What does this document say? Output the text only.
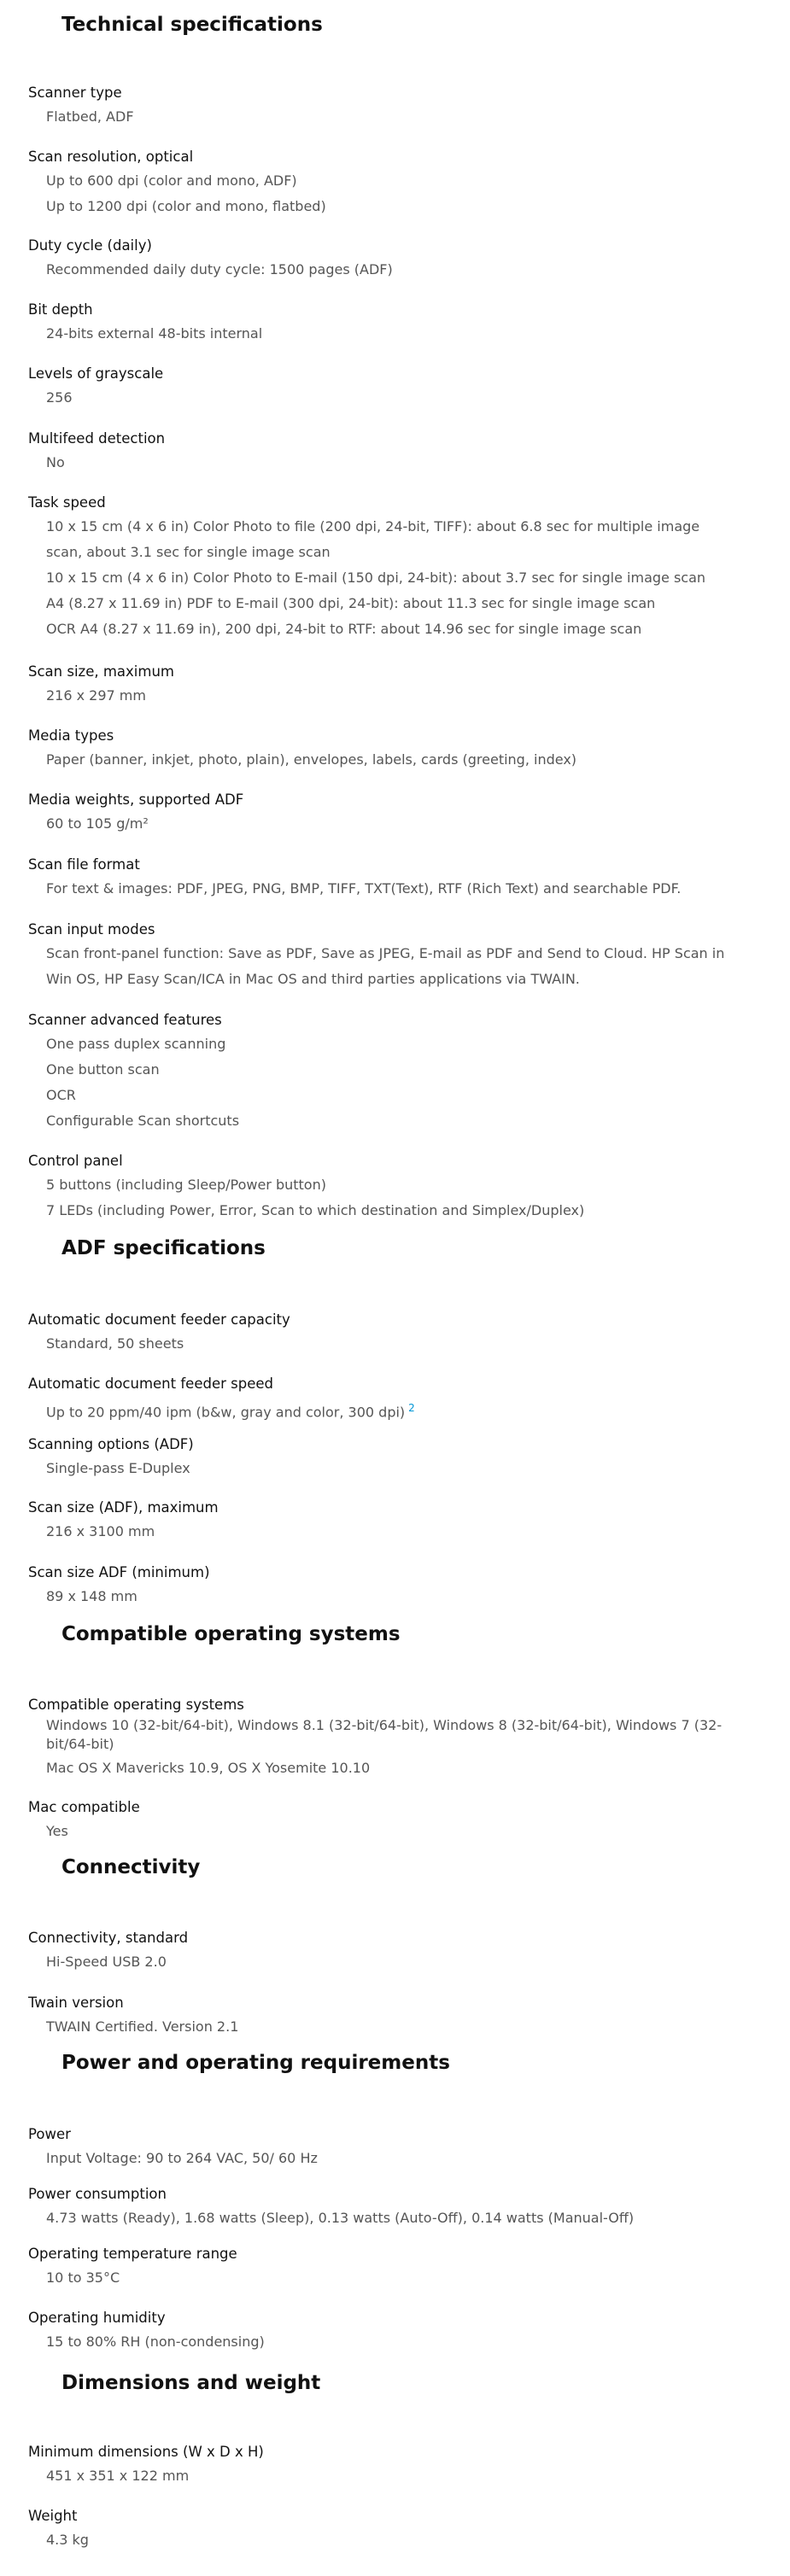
Technical specifications
Scanner type
Flatbed, ADF
Scan resolution, optical
Up to 600 dpi (color and mono, ADF)
Up to 1200 dpi (color and mono, flatbed)
Duty cycle (daily)
Recommended daily duty cycle: 1500 pages (ADF)
Bit depth
24-bits external 48-bits internal
Levels of grayscale
256
Multifeed detection
No
Task speed
10 x 15 cm (4 x 6 in) Color Photo to file (200 dpi, 24-bit, TIFF): about 6.8 sec for multiple image scan, about 3.1 sec for single image scan
10 x 15 cm (4 x 6 in) Color Photo to E-mail (150 dpi, 24-bit): about 3.7 sec for single image scan
A4 (8.27 x 11.69 in) PDF to E-mail (300 dpi, 24-bit): about 11.3 sec for single image scan
OCR A4 (8.27 x 11.69 in), 200 dpi, 24-bit to RTF: about 14.96 sec for single image scan
Scan size, maximum
216 x 297 mm
Media types
Paper (banner, inkjet, photo, plain), envelopes, labels, cards (greeting, index)
Media weights, supported ADF
60 to 105 g/m²
Scan file format
For text & images: PDF, JPEG, PNG, BMP, TIFF, TXT(Text), RTF (Rich Text) and searchable PDF.
Scan input modes
Scan front-panel function: Save as PDF, Save as JPEG, E-mail as PDF and Send to Cloud. HP Scan in Win OS, HP Easy Scan/ICA in Mac OS and third parties applications via TWAIN.
Scanner advanced features
One pass duplex scanning
One button scan
OCR
Configurable Scan shortcuts
Control panel
5 buttons (including Sleep/Power button)
7 LEDs (including Power, Error, Scan to which destination and Simplex/Duplex)
ADF specifications
Automatic document feeder capacity
Standard, 50 sheets
Automatic document feeder speed
Up to 20 ppm/40 ipm (b&w, gray and color, 300 dpi) $^2$
Scanning options (ADF)
Single-pass E-Duplex
Scan size (ADF), maximum
216 x 3100 mm
Scan size ADF (minimum)
89 x 148 mm
Compatible operating systems
Compatible operating systems
Windows 10 (32-bit/64-bit), Windows 8.1 (32-bit/64-bit), Windows 8 (32-bit/64-bit), Windows 7 (32-bit/64-bit)
Mac OS X Mavericks 10.9, OS X Yosemite 10.10
Mac compatible
Yes
Connectivity
Connectivity, standard
Hi-Speed USB 2.0
Twain version
TWAIN Certified. Version 2.1
Power and operating requirements
Power
Input Voltage: 90 to 264 VAC, 50/ 60 Hz
Power consumption
4.73 watts (Ready), 1.68 watts (Sleep), 0.13 watts (Auto-Off), 0.14 watts (Manual-Off)
Operating temperature range
10 to 35°C
Operating humidity
15 to 80% RH (non-condensing)
Dimensions and weight
Minimum dimensions (W x D x H)
451 x 351 x 122 mm
Weight
4.3 kg
